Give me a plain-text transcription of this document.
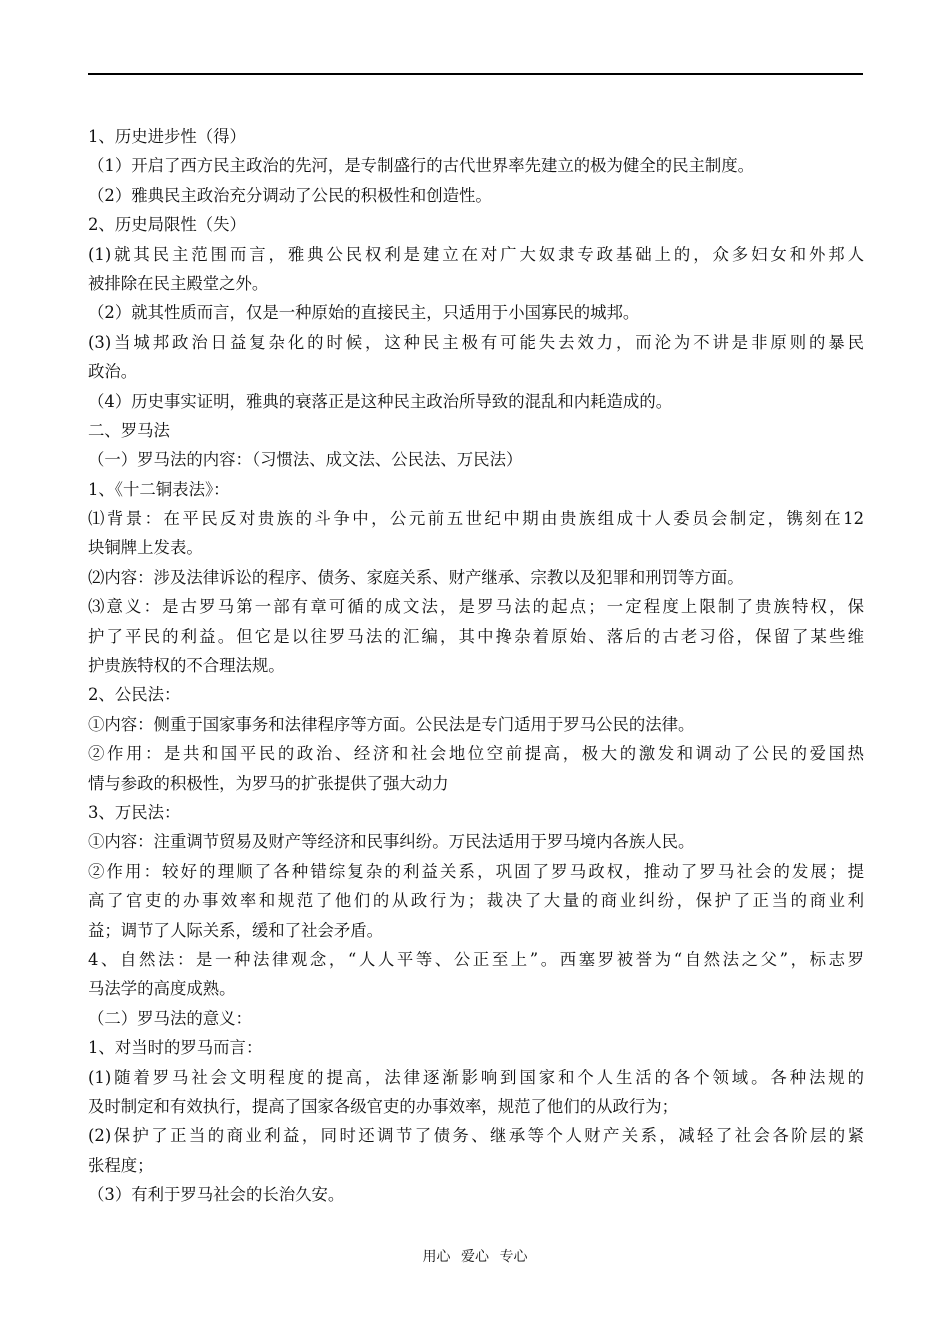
1、历史进步性（得）
（1）开启了西方民主政治的先河，是专制盛行的古代世界率先建立的极为健全的民主制度。
（2）雅典民主政治充分调动了公民的积极性和创造性。
2、历史局限性（失）
(1)就其民主范围而言，雅典公民权利是建立在对广大奴隶专政基础上的，众多妇女和外邦人
被排除在民主殿堂之外。
（2）就其性质而言，仅是一种原始的直接民主，只适用于小国寡民的城邦。
(3)当城邦政治日益复杂化的时候，这种民主极有可能失去效力，而沦为不讲是非原则的暴民
政治。
（4）历史事实证明，雅典的衰落正是这种民主政治所导致的混乱和内耗造成的。
二、罗马法
（一）罗马法的内容：（习惯法、成文法、公民法、万民法）
1、《十二铜表法》：
⑴背景：在平民反对贵族的斗争中，公元前五世纪中期由贵族组成十人委员会制定，镌刻在12
块铜牌上发表。
⑵内容：涉及法律诉讼的程序、债务、家庭关系、财产继承、宗教以及犯罪和刑罚等方面。
⑶意义：是古罗马第一部有章可循的成文法，是罗马法的起点；一定程度上限制了贵族特权，保
护了平民的利益。但它是以往罗马法的汇编，其中搀杂着原始、落后的古老习俗，保留了某些维
护贵族特权的不合理法规。
2、公民法：
①内容：侧重于国家事务和法律程序等方面。公民法是专门适用于罗马公民的法律。
②作用：是共和国平民的政治、经济和社会地位空前提高，极大的激发和调动了公民的爱国热
情与参政的积极性，为罗马的扩张提供了强大动力
3、万民法：
①内容：注重调节贸易及财产等经济和民事纠纷。万民法适用于罗马境内各族人民。
②作用：较好的理顺了各种错综复杂的利益关系，巩固了罗马政权，推动了罗马社会的发展；提
高了官吏的办事效率和规范了他们的从政行为；裁决了大量的商业纠纷，保护了正当的商业利
益；调节了人际关系，缓和了社会矛盾。
4、自然法：是一种法律观念，“人人平等、公正至上”。西塞罗被誉为“自然法之父”，标志罗
马法学的高度成熟。
（二）罗马法的意义：
1、对当时的罗马而言：
(1)随着罗马社会文明程度的提高，法律逐渐影响到国家和个人生活的各个领域。各种法规的
及时制定和有效执行，提高了国家各级官吏的办事效率，规范了他们的从政行为；
(2)保护了正当的商业利益，同时还调节了债务、继承等个人财产关系，减轻了社会各阶层的紧
张程度；
（3）有利于罗马社会的长治久安。
用心 爱心 专心
